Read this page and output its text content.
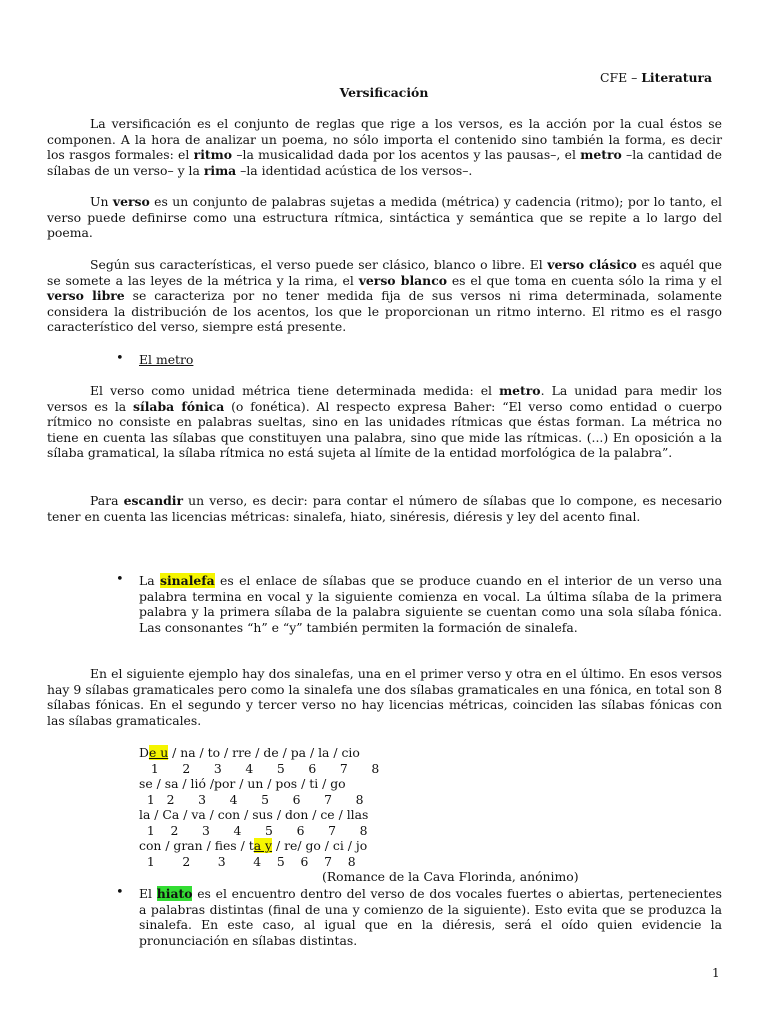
CFE – Literatura
Versificación

La versificación es el conjunto de reglas que rige a los versos, es la acción por la cual éstos se componen. A la hora de analizar un poema, no sólo importa el contenido sino también la forma, es decir los rasgos formales: el ritmo –la musicalidad dada por los acentos y las pausas–, el metro –la cantidad de sílabas de un verso– y la rima –la identidad acústica de los versos–.

Un verso es un conjunto de palabras sujetas a medida (métrica) y cadencia (ritmo); por lo tanto, el verso puede definirse como una estructura rítmica, sintáctica y semántica que se repite a lo largo del poema.

Según sus características, el verso puede ser clásico, blanco o libre. El verso clásico es aquél que se somete a las leyes de la métrica y la rima, el verso blanco es el que toma en cuenta sólo la rima y el verso libre se caracteriza por no tener medida fija de sus versos ni rima determinada, solamente considera la distribución de los acentos, los que le proporcionan un ritmo interno. El ritmo es el rasgo característico del verso, siempre está presente.

• El metro

El verso como unidad métrica tiene determinada medida: el metro. La unidad para medir los versos es la sílaba fónica (o fonética). Al respecto expresa Baher: “El verso como entidad o cuerpo rítmico no consiste en palabras sueltas, sino en las unidades rítmicas que éstas forman. La métrica no tiene en cuenta las sílabas que constituyen una palabra, sino que mide las rítmicas. (...) En oposición a la sílaba gramatical, la sílaba rítmica no está sujeta al límite de la entidad morfológica de la palabra”.

Para escandir un verso, es decir: para contar el número de sílabas que lo compone, es necesario tener en cuenta las licencias métricas: sinalefa, hiato, sinéresis, diéresis y ley del acento final.

• La sinalefa es el enlace de sílabas que se produce cuando en el interior de un verso una palabra termina en vocal y la siguiente comienza en vocal. La última sílaba de la primera palabra y la primera sílaba de la palabra siguiente se cuentan como una sola sílaba fónica. Las consonantes “h” e “y” también permiten la formación de sinalefa.

En el siguiente ejemplo hay dos sinalefas, una en el primer verso y otra en el último. En esos versos hay 9 sílabas gramaticales pero como la sinalefa une dos sílabas gramaticales en una fónica, en total son 8 sílabas fónicas. En el segundo y tercer verso no hay licencias métricas, coinciden las sílabas fónicas con las sílabas gramaticales.

De u / na / to / rre / de / pa / la / cio
1      2      3      4      5      6      7      8
se / sa / lió /por / un / pos / ti / go
1   2      3      4      5      6      7      8
la / Ca / va / con / sus / don / ce / llas
1    2      3      4      5      6      7      8
con / gran / fies / ta y / re/ go / ci / jo
1       2       3       4    5    6    7    8
(Romance de la Cava Florinda, anónimo)
• El hiato es el encuentro dentro del verso de dos vocales fuertes o abiertas, pertenecientes a palabras distintas (final de una y comienzo de la siguiente). Esto evita que se produzca la sinalefa. En este caso, al igual que en la diéresis, será el oído quien evidencie la pronunciación en sílabas distintas.

1
